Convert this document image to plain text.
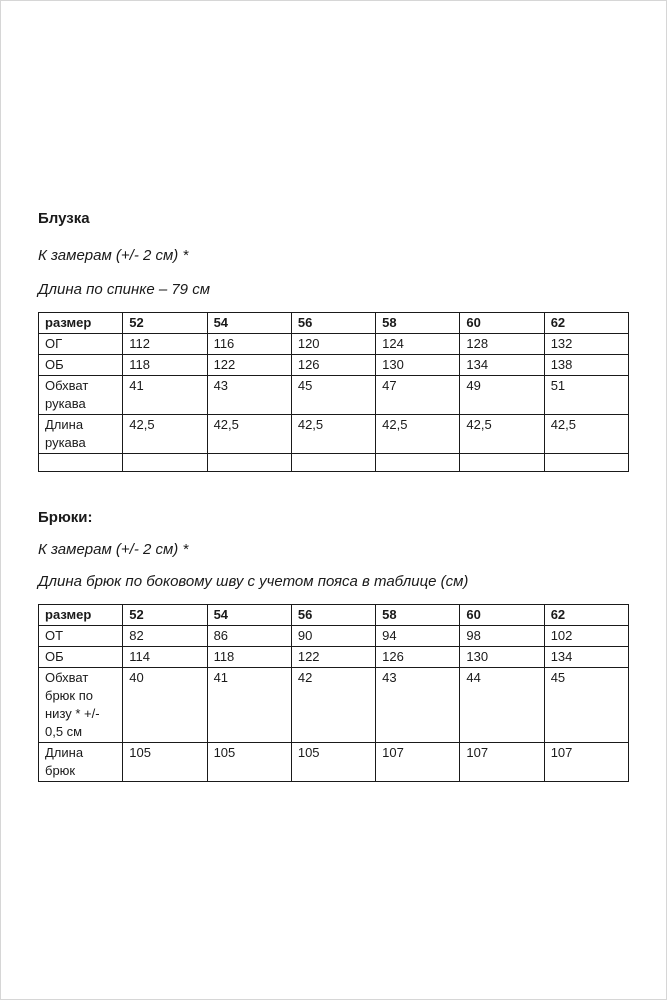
Блузка
К замерам (+/- 2 см) *
Длина по спинке – 79 см
размер	52	54	56	58	60	62
ОГ	112	116	120	124	128	132
ОБ	118	122	126	130	134	138
Обхват рукава	41	43	45	47	49	51
Длина рукава	42,5	42,5	42,5	42,5	42,5	42,5

Брюки:
К замерам (+/- 2 см) *
Длина брюк по боковому шву с учетом пояса в таблице (см)
размер	52	54	56	58	60	62
ОТ	82	86	90	94	98	102
ОБ	114	118	122	126	130	134
Обхват брюк по низу * +/- 0,5 см	40	41	42	43	44	45
Длина брюк	105	105	105	107	107	107
